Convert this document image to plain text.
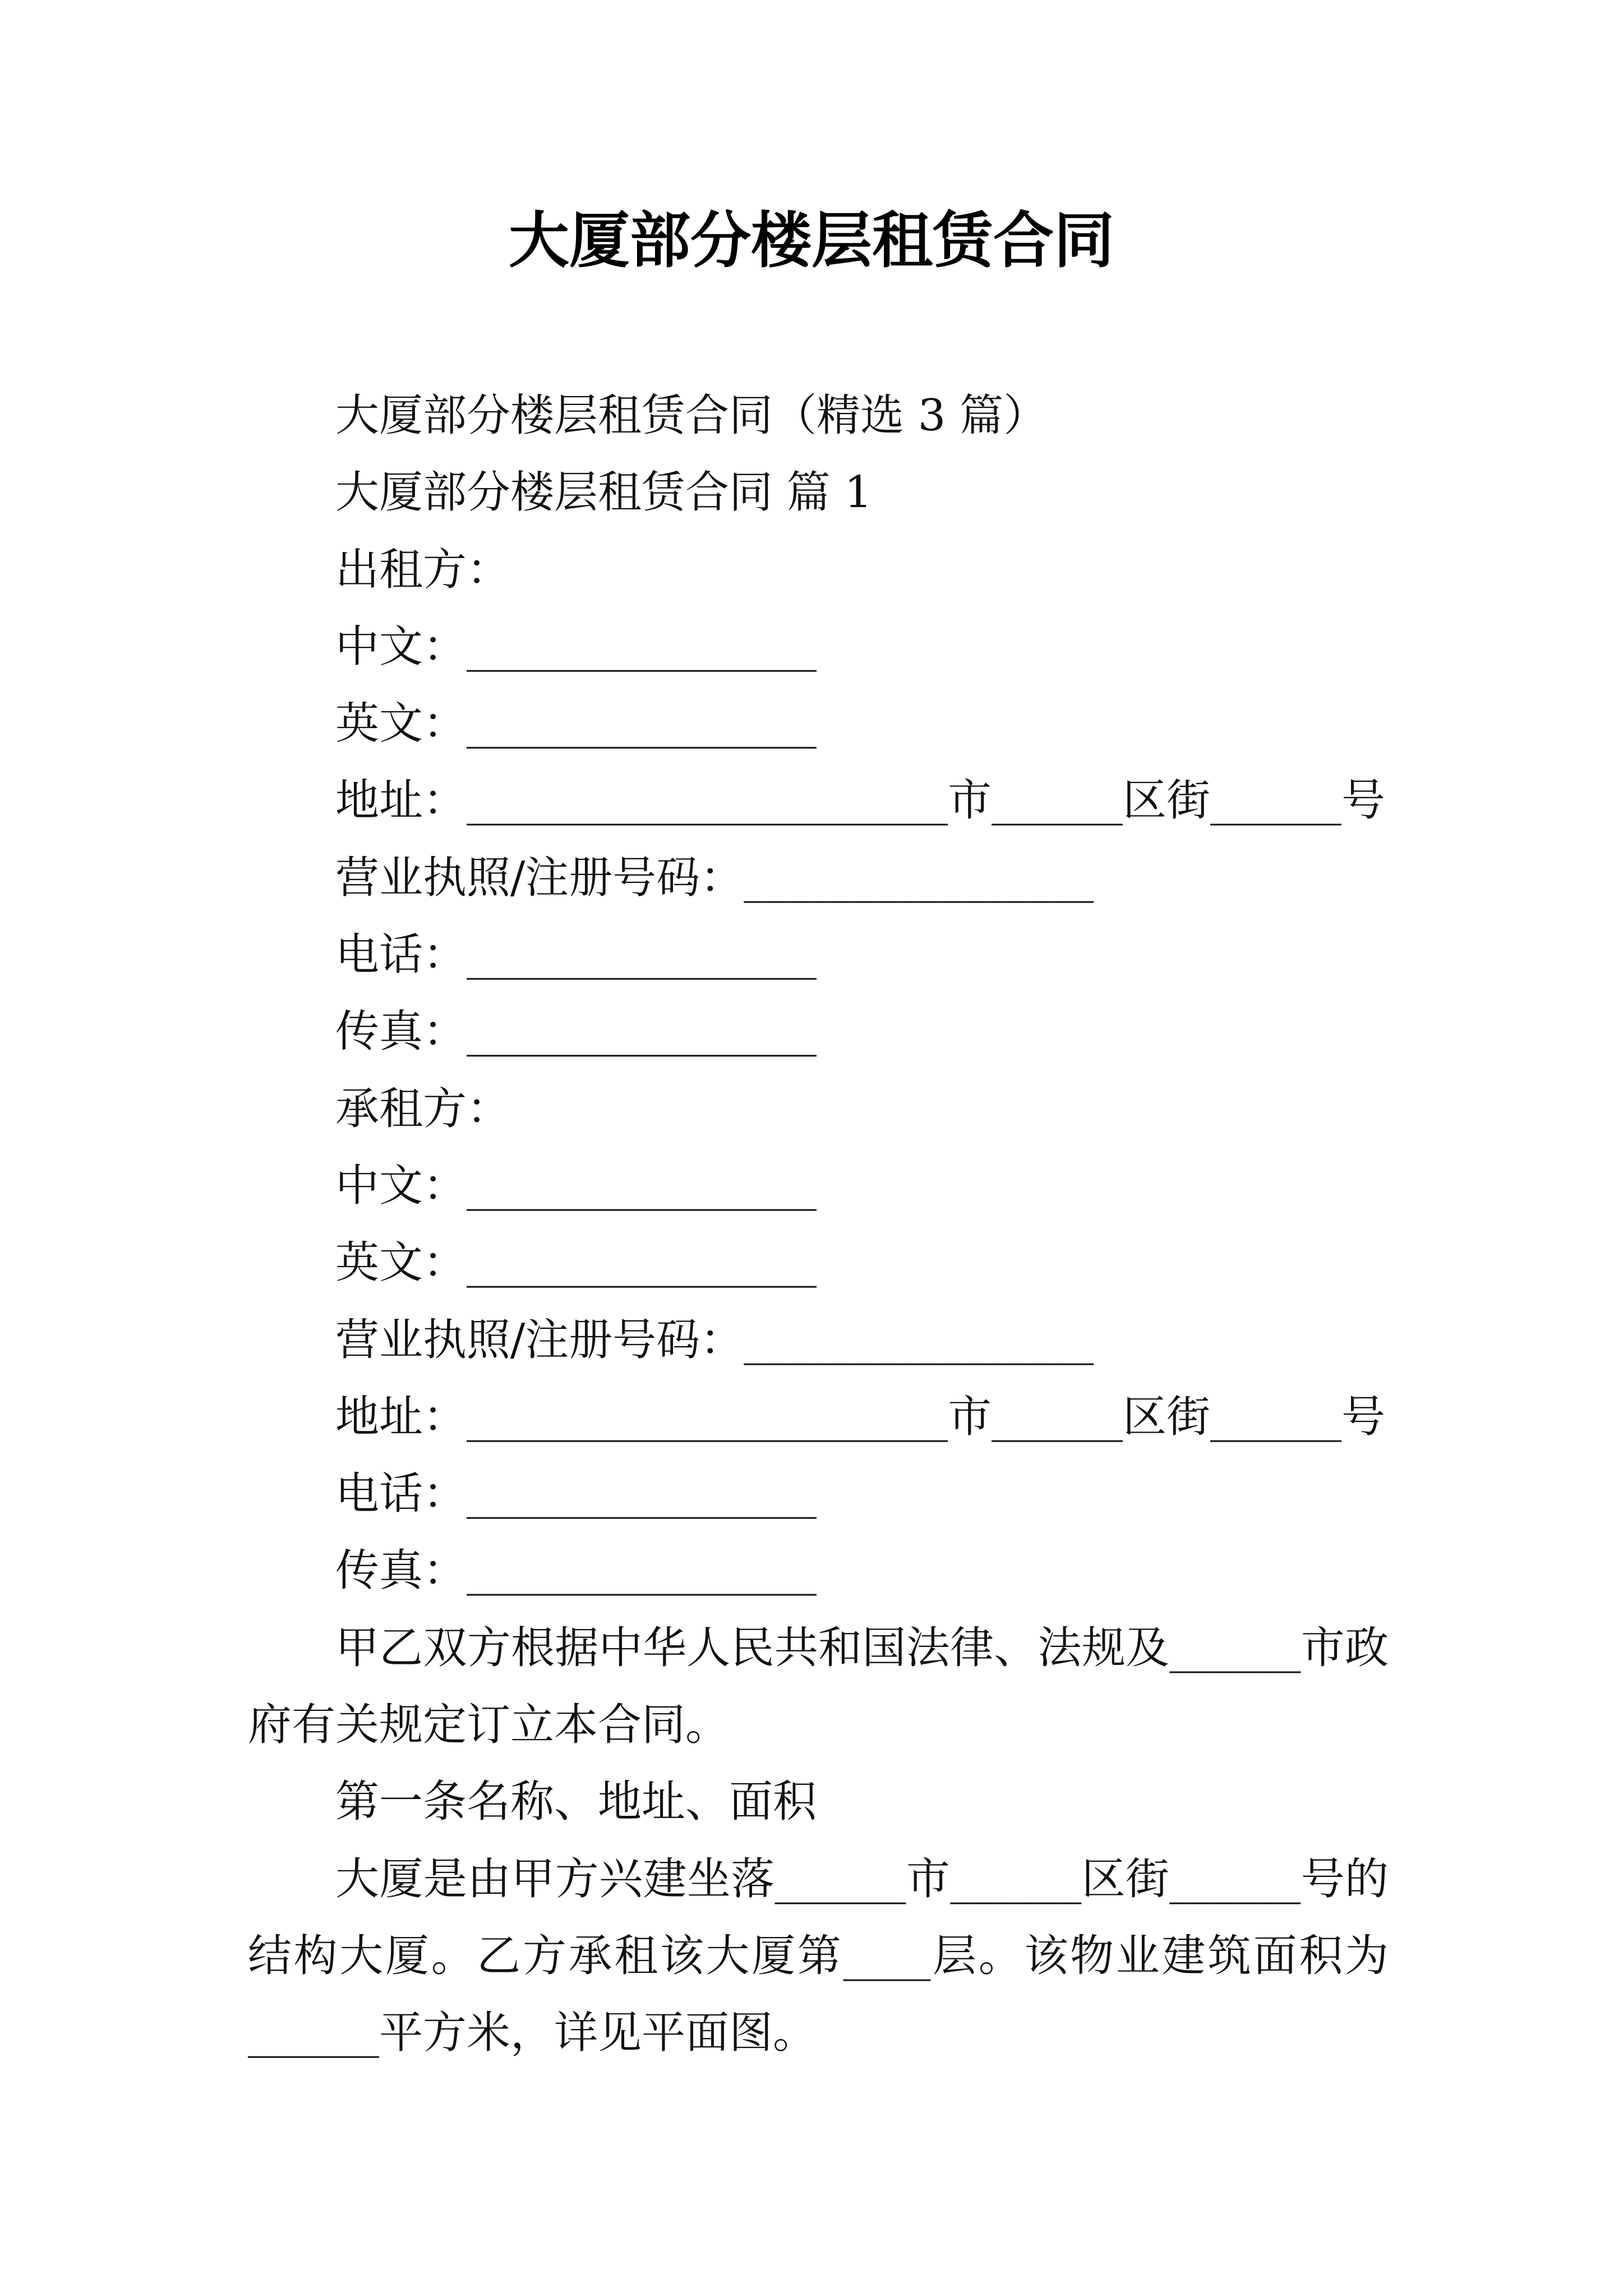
大厦部分楼层租赁合同
大厦部分楼层租赁合同（精选 3 篇）
大厦部分楼层租赁合同 篇 1
出租方：
中文：________________
英文：________________
地址：______________________市______区街______号
营业执照/注册号码：________________
电话：________________
传真：________________
承租方：
中文：________________
英文：________________
营业执照/注册号码：________________
地址：______________________市______区街______号
电话：________________
传真：________________
甲乙双方根据中华人民共和国法律、法规及______市政
府有关规定订立本合同。
第一条名称、地址、面积
大厦是由甲方兴建坐落______市______区街______号的
结构大厦。乙方承租该大厦第____层。该物业建筑面积为
______平方米，详见平面图。
